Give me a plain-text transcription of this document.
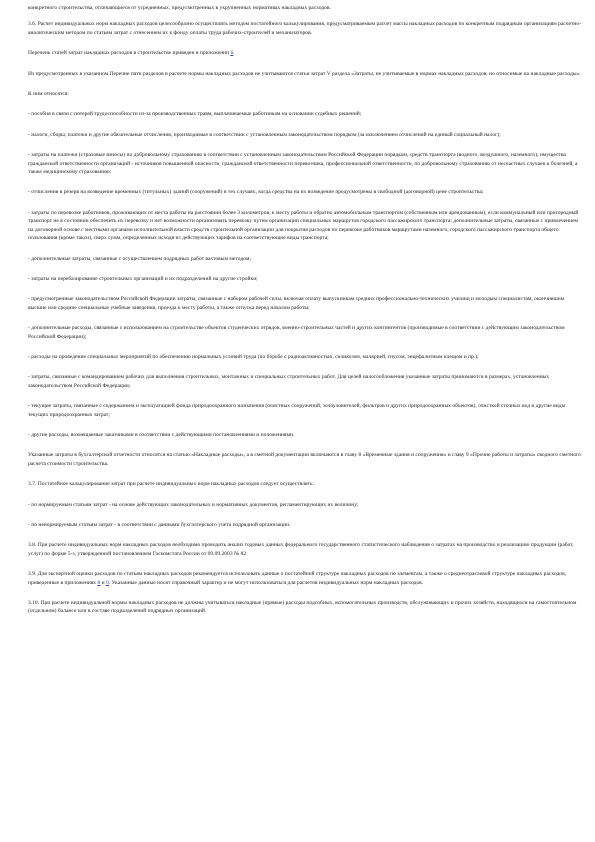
конкретного строительства, отличающиеся от усредненных, предусмотренных в укрупненных нормативах накладных расходов.

3.6. Расчет индивидуальных норм накладных расходов целесообразно осуществлять методом постатейного калькулирования, предусматриваемым расчет массы накладных расходов по конкретным подрядным организациям расчетно-аналитическим методом по статьям затрат с отнесением их к фонду оплаты труда рабочих-строителей и механизаторов.

Перечень статей затрат накладных расходов в строительстве приведен в приложении 6.

Из предусмотренных в указанном Перечне пяти разделов в расчете нормы накладных расходов не учитываются статьи затрат V раздела «Затраты, не учитываемые в нормах накладных расходов, но относимые на накладные расходы».

К ним относятся:

- пособия в связи с потерей трудоспособности из-за производственных травм, выплачиваемые работникам на основании судебных решений;

- налоги, сборы, платежи и другие обязательные отчисления, производимые в соответствии с установленным законодательством порядком (за исключением отчислений на единый социальный налог);

- затраты на платежи (страховые взносы) по добровольному страхованию в соответствии с установленным законодательством Российской Федерации порядком, средств транспорта (водного, воздушного, наземного), имущества гражданской ответственности организаций - источников повышенной опасности, гражданской ответственности перевозчика, профессиональной ответственности, по добровольному страхованию от несчастных случаев и болезней, а также медицинскому страхованию;

- отчисления в резерв на возведение временных (титульных) зданий (сооружений) в тех случаях, когда средства на их возведение предусмотрены в свободной (договорной) цене строительства;

- затраты по перевозке работников, проживающих от места работы на расстоянии более 3 километров, к месту работы и обратно автомобильным транспортом (собственным или арендованным), если коммунальный или пригородный транспорт не в состоянии обеспечить их перевозку и нет возможности организовать перевозку путем организации специальных маршрутов городского пассажирского транспорта; дополнительные затраты, связанные с привлечением на договорной основе с местными органами исполнительной власти средств строительной организации для покрытия расходов по перевозке работников маршрутами наземного, городского пассажирского транспорта общего пользования (кроме такси), сверх сумм, определенных исходя из действующих тарифов на соответствующие виды транспорта;

- дополнительные затраты, связанные с осуществлением подрядных работ вахтовым методом;

- затраты на перебазирование строительных организаций и их подразделений на другие стройки;

- предусмотренные законодательством Российской Федерации затраты, связанные с набором рабочей силы, включая оплату выпускникам средних профессионально-технических училищ и молодым специалистам, окончившим высшие или средние специальные учебные заведения, проезда к месту работы, а также отпуска перед началом работы;

- дополнительные расходы, связанные с использованием на строительстве объектов студенческих отрядов, военно-строительных частей и других контингентов (производимые в соответствии с действующим законодательством Российской Федерации);

- расходы на проведение специальных мероприятий по обеспечению нормальных условий труда (по борьбе с радиоактивностью, силикозом, малярией, гнусом, энцефалитным клещом и пр.);

- затраты, связанные с командированием рабочих для выполнения строительных, монтажных и специальных строительных работ. Для целей налогообложения указанные затраты принимаются в размерах, установленных законодательством Российской Федерации;

- текущие затраты, связанные с содержанием и эксплуатацией фонда природоохранного назначения (очистных сооружений, золоуловителей, фильтров и других природоохранных объектов), очисткой сточных вод и другие виды текущих природоохранных затрат;

- другие расходы, возмещаемые заказчиками в соответствии с действующими постановлениями и положениями.

Указанные затраты в бухгалтерской отчетности относятся на статью «Накладные расходы», а в сметной документации включаются в главу 8 «Временные здания и сооружения» и главу 9 «Прочие работы и затраты» сводного сметного расчета стоимости строительства.

3.7. Постатейное калькулирование затрат при расчете индивидуальных норм накладных расходов следует осуществлять:

- по нормируемым статьям затрат - на основе действующих законодательных и нормативных документов, регламентирующих их величину;

- по ненормируемым статьям затрат - в соответствии с данными бухгалтерского учета подрядной организации.

3.8. При расчете индивидуальных норм накладных расходов необходимо проводить анализ годовых данных федерального государственного статистического наблюдения о затратах на производство и реализацию продукции (работ, услуг) по форме 5-з, утвержденной постановлением Госкомстата России от 09.09.2003 № 82.

3.9. Для экспертной оценки расходов по статьям накладных расходов рекомендуется использовать данные о постатейной структуре накладных расходов по элементам, а также о среднеотраслевой структуре накладных расходов, приведенные в приложениях 8 и 9. Указанные данные носят справочный характер и не могут использоваться для расчетов индивидуальных норм накладных расходов.

3.10. При расчете индивидуальной нормы накладных расходов не должны учитываться накладные (прямые) расходы подсобных, вспомогательных производств, обслуживающих и прочих хозяйств, находящихся на самостоятельном (отдельном) балансе или в составе подразделений подрядных организаций.
